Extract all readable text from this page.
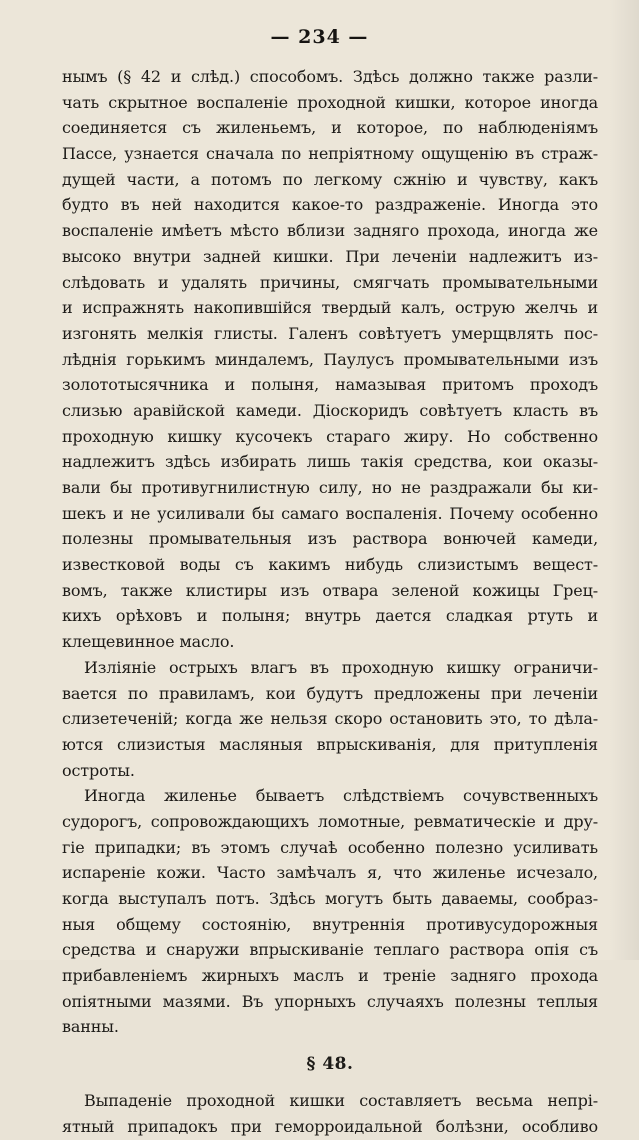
— 234 —
нымъ (§ 42 и слѣд.) способомъ. Здѣсь должно также разли-
чать скрытное воспаленіе проходной кишки, которое иногда
соединяется съ жиленьемъ, и которое, по наблюденіямъ
Пассе, узнается сначала по непріятному ощущенію въ страж-
дущей части, а потомъ по легкому сжнію и чувству, какъ
будто въ ней находится какое-то раздраженіе. Иногда это
воспаленіе имѣетъ мѣсто вблизи задняго прохода, иногда же
высоко внутри задней кишки. При леченіи надлежитъ из-
слѣдовать и удалять причины, смягчать промывательными
и испражнять накопившійся твердый калъ, острую желчь и
изгонять мелкія глисты. Галенъ совѣтуетъ умерщвлять пос-
лѣднія горькимъ миндалемъ, Паулусъ промывательными изъ
золототысячника и полыня, намазывая притомъ проходъ
слизью аравійской камеди. Діоскоридъ совѣтуетъ класть въ
проходную кишку кусочекъ стараго жиру. Но собственно
надлежитъ здѣсь избирать лишь такія средства, кои оказы-
вали бы противугнилистную силу, но не раздражали бы ки-
шекъ и не усиливали бы самаго воспаленія. Почему особенно
полезны промывательныя изъ раствора вонючей камеди,
известковой воды съ какимъ нибудь слизистымъ вещест-
вомъ, также клистиры изъ отвара зеленой кожицы Грец-
кихъ орѣховъ и полыня; внутрь дается сладкая ртуть и
клещевинное масло.
Изліяніе острыхъ влагъ въ проходную кишку ограничи-
вается по правиламъ, кои будутъ предложены при леченіи
слизетеченій; когда же нельзя скоро остановить это, то дѣла-
ются слизистыя масляныя впрыскиванія, для притупленія
остроты.
Иногда жиленье бываетъ слѣдствіемъ сочувственныхъ
судорогъ, сопровождающихъ ломотные, ревматическіе и дру-
гіе припадки; въ этомъ случаѣ особенно полезно усиливать
испареніе кожи. Часто замѣчалъ я, что жиленье исчезало,
когда выступалъ потъ. Здѣсь могутъ быть даваемы, сообраз-
ныя общему состоянію, внутреннія противусудорожныя
средства и снаружи впрыскиваніе теплаго раствора опія съ
прибавленіемъ жирныхъ маслъ и треніе задняго прохода
опіятными мазями. Въ упорныхъ случаяхъ полезны теплыя
ванны.
§ 48.
Выпаденіе проходной кишки составляетъ весьма непрі-
ятный припадокъ при геморроидальной болѣзни, особливо
